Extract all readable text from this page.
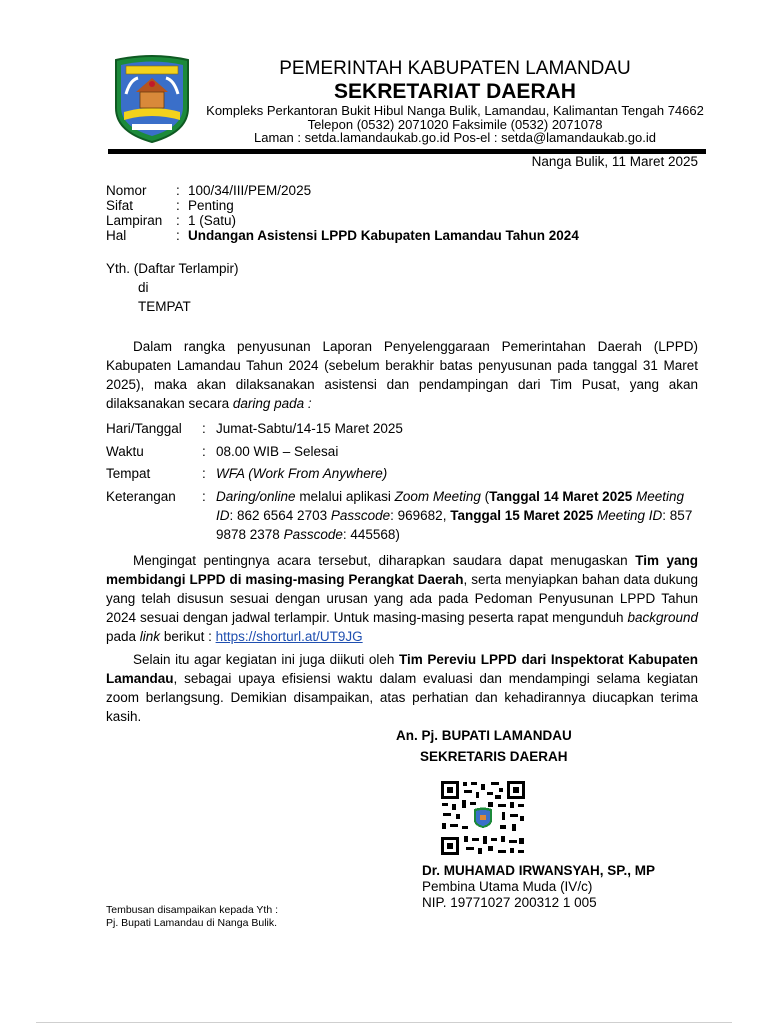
PEMERINTAH KABUPATEN LAMANDAU
SEKRETARIAT DAERAH
Kompleks Perkantoran Bukit Hibul Nanga Bulik, Lamandau, Kalimantan Tengah 74662
Telepon (0532) 2071020 Faksimile (0532) 2071078
Laman : setda.lamandaukab.go.id Pos-el : setda@lamandaukab.go.id
Nanga Bulik, 11 Maret 2025
Nomor	: 100/34/III/PEM/2025
Sifat	: Penting
Lampiran	: 1 (Satu)
Hal	: Undangan Asistensi LPPD Kabupaten Lamandau Tahun 2024
Yth. (Daftar Terlampir)
di
TEMPAT
Dalam rangka penyusunan Laporan Penyelenggaraan Pemerintahan Daerah (LPPD) Kabupaten Lamandau Tahun 2024 (sebelum berakhir batas penyusunan pada tanggal 31 Maret 2025), maka akan dilaksanakan asistensi dan pendampingan dari Tim Pusat, yang akan dilaksanakan secara daring pada :
Hari/Tanggal	: Jumat-Sabtu/14-15 Maret 2025
Waktu	: 08.00 WIB – Selesai
Tempat	: WFA (Work From Anywhere)
Keterangan	: Daring/online melalui aplikasi Zoom Meeting (Tanggal 14 Maret 2025 Meeting ID: 862 6564 2703 Passcode: 969682, Tanggal 15 Maret 2025 Meeting ID: 857 9878 2378 Passcode: 445568)
Mengingat pentingnya acara tersebut, diharapkan saudara dapat menugaskan Tim yang membidangi LPPD di masing-masing Perangkat Daerah, serta menyiapkan bahan data dukung yang telah disusun sesuai dengan urusan yang ada pada Pedoman Penyusunan LPPD Tahun 2024 sesuai dengan jadwal terlampir. Untuk masing-masing peserta rapat mengunduh background pada link berikut : https://shorturl.at/UT9JG
Selain itu agar kegiatan ini juga diikuti oleh Tim Pereviu LPPD dari Inspektorat Kabupaten Lamandau, sebagai upaya efisiensi waktu dalam evaluasi dan mendampingi selama kegiatan zoom berlangsung. Demikian disampaikan, atas perhatian dan kehadirannya diucapkan terima kasih.
An. Pj. BUPATI LAMANDAU
SEKRETARIS DAERAH
Dr. MUHAMAD IRWANSYAH, SP., MP
Pembina Utama Muda (IV/c)
NIP. 19771027 200312 1 005
Tembusan disampaikan kepada Yth :
Pj. Bupati Lamandau di Nanga Bulik.
